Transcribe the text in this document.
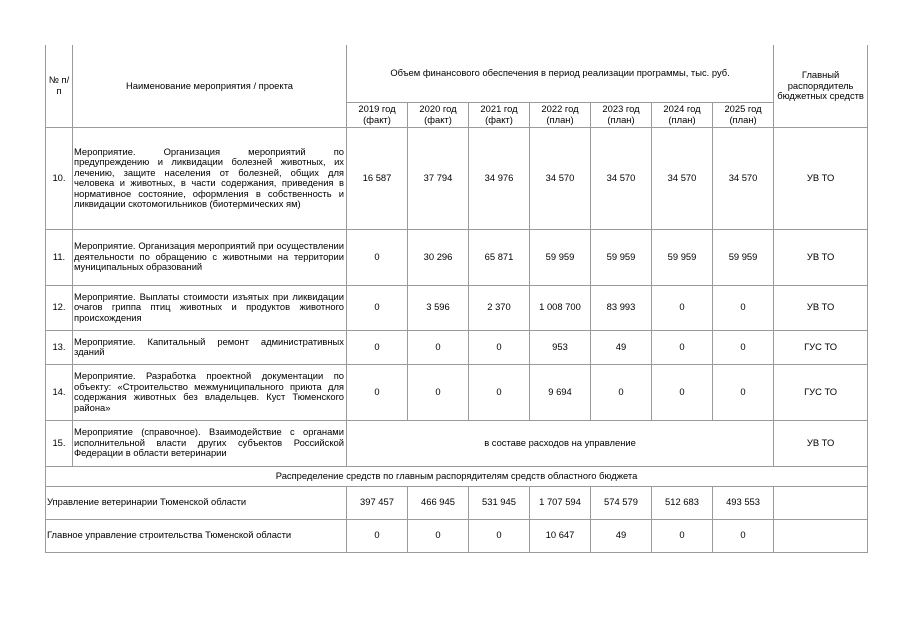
№ п/п	Наименование мероприятия / проекта	Объем финансового обеспечения в период реализации программы, тыс. руб.							Главный распорядитель бюджетных средств
		2019 год (факт)	2020 год (факт)	2021 год (факт)	2022 год (план)	2023 год (план)	2024 год (план)	2025 год (план)	
10.	Мероприятие. Организация мероприятий по предупреждению и ликвидации болезней животных, их лечению, защите населения от болезней, общих для человека и животных, в части содержания, приведения в нормативное состояние, оформления в собственность и ликвидации скотомогильников (биотермических ям)	16 587	37 794	34 976	34 570	34 570	34 570	34 570	УВ ТО
11.	Мероприятие. Организация мероприятий при осуществлении деятельности по обращению с животными на территории муниципальных образований	0	30 296	65 871	59 959	59 959	59 959	59 959	УВ ТО
12.	Мероприятие. Выплаты стоимости изъятых при ликвидации очагов гриппа птиц животных и продуктов животного происхождения	0	3 596	2 370	1 008 700	83 993	0	0	УВ ТО
13.	Мероприятие. Капитальный ремонт административных зданий	0	0	0	953	49	0	0	ГУС ТО
14.	Мероприятие. Разработка проектной документации по объекту: «Строительство межмуниципального приюта для содержания животных без владельцев. Куст Тюменского района»	0	0	0	9 694	0	0	0	ГУС ТО
15.	Мероприятие (справочное). Взаимодействие с органами исполнительной власти других субъектов Российской Федерации в области ветеринарии	в составе расходов на управление							УВ ТО
Распределение средств по главным распорядителям средств областного бюджета									
Управление ветеринарии Тюменской области		397 457	466 945	531 945	1 707 594	574 579	512 683	493 553	
Главное управление строительства Тюменской области		0	0	0	10 647	49	0	0	
